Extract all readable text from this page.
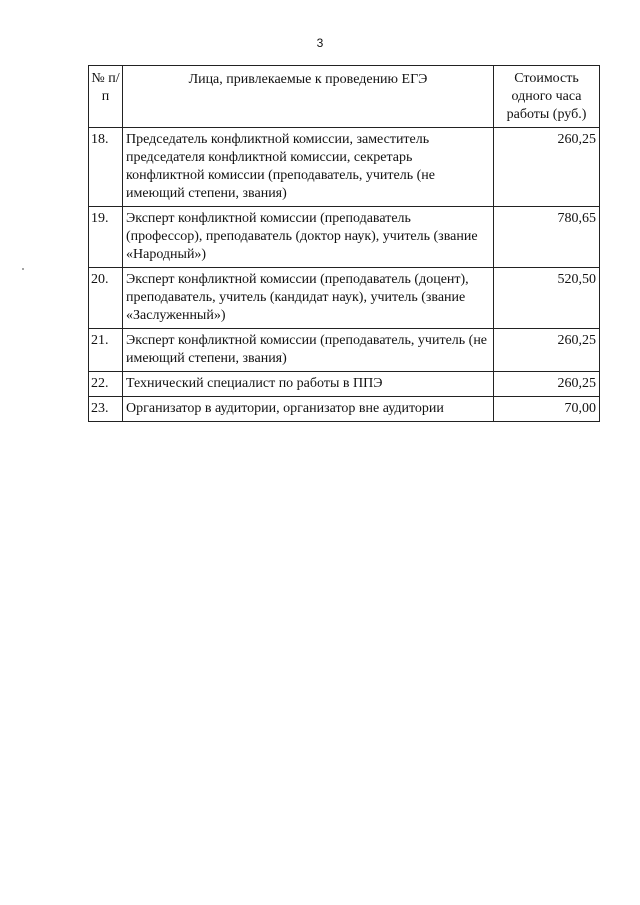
3
№ п/п	Лица, привлекаемые к проведению ЕГЭ	Стоимость одного часа работы (руб.)
18.	Председатель конфликтной комиссии, заместитель председателя конфликтной комиссии, секретарь конфликтной комиссии (преподаватель, учитель (не имеющий степени, звания)	260,25
19.	Эксперт конфликтной комиссии (преподаватель (профессор), преподаватель (доктор наук), учитель (звание «Народный»)	780,65
20.	Эксперт конфликтной комиссии (преподаватель (доцент), преподаватель, учитель (кандидат наук), учитель (звание «Заслуженный»)	520,50
21.	Эксперт конфликтной комиссии (преподаватель, учитель (не имеющий степени, звания)	260,25
22.	Технический специалист по работы в ППЭ	260,25
23.	Организатор в аудитории, организатор вне аудитории	70,00
